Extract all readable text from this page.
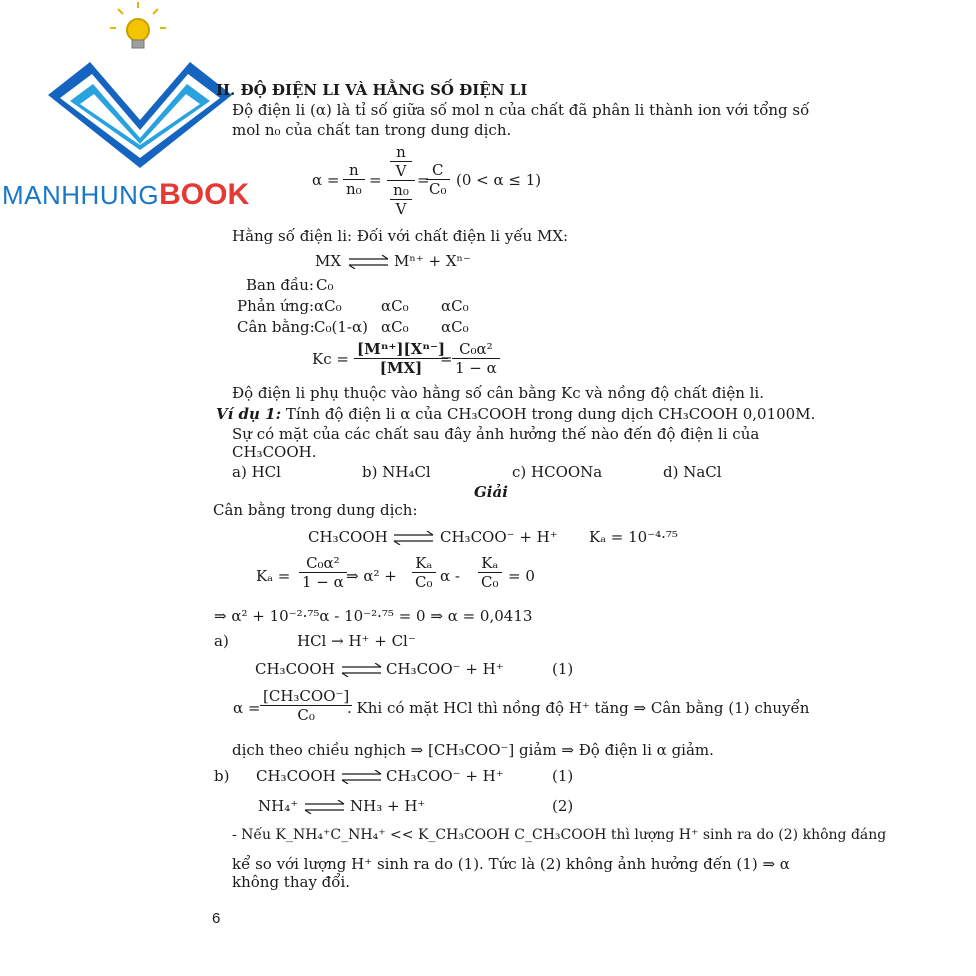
MANHHUNGBOOK
II. ĐỘ ĐIỆN LI VÀ HẰNG SỐ ĐIỆN LI
Độ điện li (α) là tỉ số giữa số mol n của chất đã phân li thành ion với tổng số
mol n₀ của chất tan trong dung dịch.
$\alpha = \frac{n}{\text{n₀}} = n$
V
n₀
V =
$\frac{C}{\text{C₀}} (0 < \alpha \le 1)$
Hằng số điện li: Đối với chất điện li yếu MX:
MX ⇌ Mⁿ⁺ + Xⁿ⁻
Ban đầu: C₀
Phản ứng: αC₀	αC₀ αC₀
Cân bằng: C₀(1-α) αC₀ αC₀
$Kc = \frac{\text{[Mⁿ⁺][Xⁿ⁻]}}{[MX]}$
= $\frac{\text{C₀α²}}{1 - \alpha}$
Độ điện li phụ thuộc vào hằng số cân bằng Kc và nồng độ chất điện li.
Ví dụ 1: Tính độ điện li α của CH₃COOH trong dung dịch CH₃COOH 0,0100M.
Sự có mặt của các chất sau đây ảnh hưởng thế nào đến độ điện li của
CH₃COOH.
a) HCl	b) NH₄Cl	c) HCOONa	d) NaCl
Giải
Cân bằng trong dung dịch:
CH₃COOH ⇌ CH₃COO⁻ + H⁺ Kₐ = 10⁻⁴·⁷⁵
$K_a = \frac{\text{C₀α²}}{1 - \alpha}$ ⇒ $\alpha^2 + \frac{\text{Kₐ}}{\text{C₀}}$ $\alpha - \frac{\text{Kₐ}}{\text{C₀}} = 0$
⇒ α² + 10⁻²·⁷⁵α - 10⁻²·⁷⁵ = 0 ⇒ α = 0,0413
a)	HCl → H⁺ + Cl⁻
CH₃COOH ⇌ CH₃COO⁻ + H⁺	(1)
α =
[CH₃COO⁻]
C₀	. Khi có mặt HCl thì nồng độ H⁺ tăng ⇒ Cân bằng (1) chuyển
dịch theo chiều nghịch ⇒ [CH₃COO⁻] giảm ⇒ Độ điện li α giảm.
b) CH₃COOH ⇌ CH₃COO⁻ + H⁺	(1)
NH₄⁺ ⇌ NH₃ + H⁺	(2)
- Nếu K_NH₄⁺C_NH₄⁺ << K_CH₃COOH C_CH₃COOH thì lượng H⁺ sinh ra do (2) không đáng
kể so với lượng H⁺ sinh ra do (1). Tức là (2) không ảnh hưởng đến (1) ⇒ α
không thay đổi.
6
